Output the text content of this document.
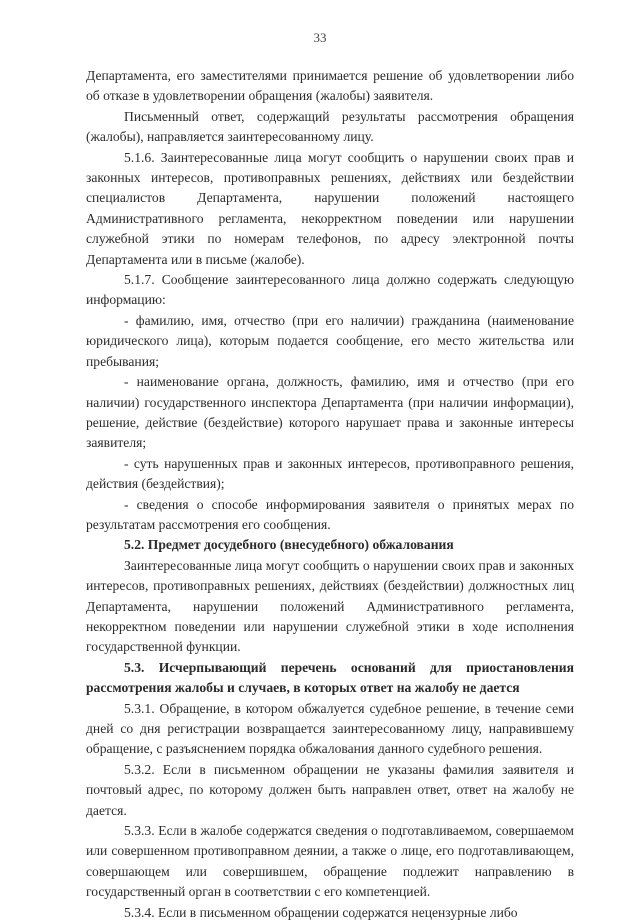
33

Департамента, его заместителями принимается решение об удовлетворении либо об отказе в удовлетворении обращения (жалобы) заявителя.

Письменный ответ, содержащий результаты рассмотрения обращения (жалобы), направляется заинтересованному лицу.

5.1.6. Заинтересованные лица могут сообщить о нарушении своих прав и законных интересов, противоправных решениях, действиях или бездействии специалистов Департамента, нарушении положений настоящего Административного регламента, некорректном поведении или нарушении служебной этики по номерам телефонов, по адресу электронной почты Департамента или в письме (жалобе).

5.1.7. Сообщение заинтересованного лица должно содержать следующую информацию:

- фамилию, имя, отчество (при его наличии) гражданина (наименование юридического лица), которым подается сообщение, его место жительства или пребывания;

- наименование органа, должность, фамилию, имя и отчество (при его наличии) государственного инспектора Департамента (при наличии информации), решение, действие (бездействие) которого нарушает права и законные интересы заявителя;

- суть нарушенных прав и законных интересов, противоправного решения, действия (бездействия);

- сведения о способе информирования заявителя о принятых мерах по результатам рассмотрения его сообщения.

5.2. Предмет досудебного (внесудебного) обжалования

Заинтересованные лица могут сообщить о нарушении своих прав и законных интересов, противоправных решениях, действиях (бездействии) должностных лиц Департамента, нарушении положений Административного регламента, некорректном поведении или нарушении служебной этики в ходе исполнения государственной функции.

5.3. Исчерпывающий перечень оснований для приостановления рассмотрения жалобы и случаев, в которых ответ на жалобу не дается

5.3.1. Обращение, в котором обжалуется судебное решение, в течение семи дней со дня регистрации возвращается заинтересованному лицу, направившему обращение, с разъяснением порядка обжалования данного судебного решения.

5.3.2. Если в письменном обращении не указаны фамилия заявителя и почтовый адрес, по которому должен быть направлен ответ, ответ на жалобу не дается.

5.3.3. Если в жалобе содержатся сведения о подготавливаемом, совершаемом или совершенном противоправном деянии, а также о лице, его подготавливающем, совершающем или совершившем, обращение подлежит направлению в государственный орган в соответствии с его компетенцией.

5.3.4. Если в письменном обращении содержатся нецензурные либо
